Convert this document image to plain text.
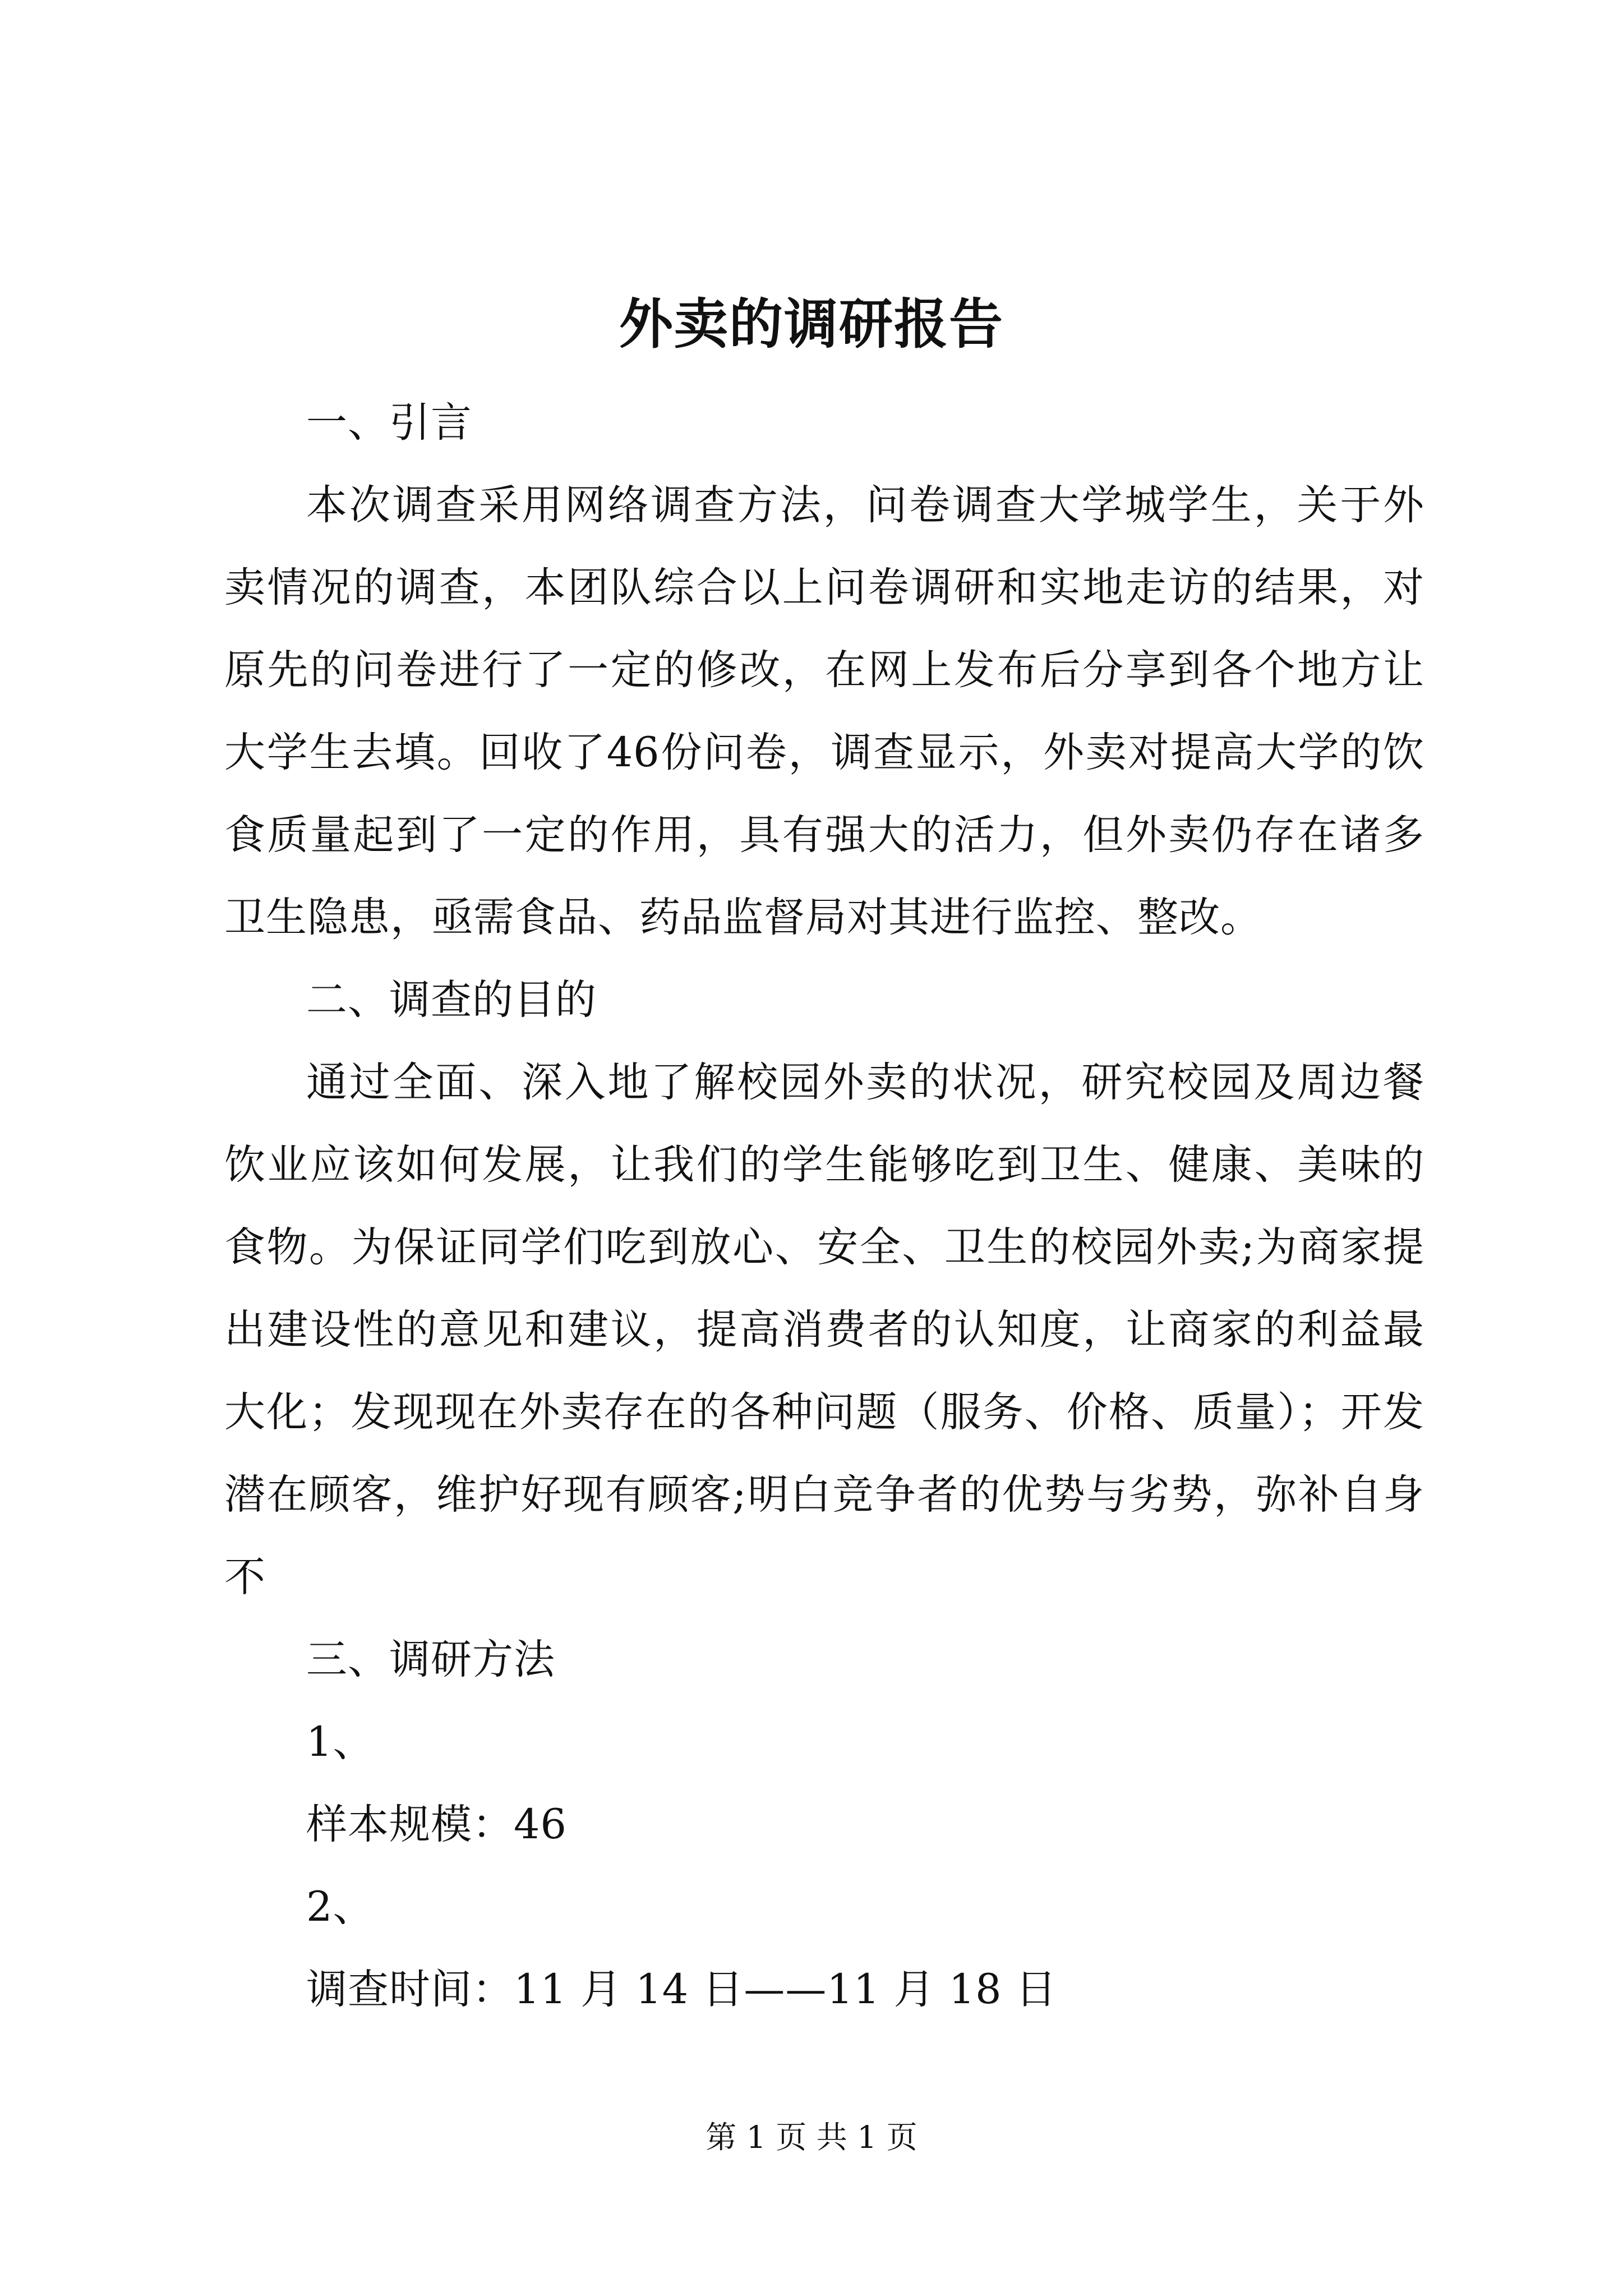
外卖的调研报告
一、引言

本次调查采用网络调查方法，问卷调查大学城学生，关于外卖情况的调查，本团队综合以上问卷调研和实地走访的结果，对原先的问卷进行了一定的修改，在网上发布后分享到各个地方让大学生去填。回收了46份问卷，调查显示，外卖对提高大学的饮食质量起到了一定的作用，具有强大的活力，但外卖仍存在诸多卫生隐患，亟需食品、药品监督局对其进行监控、整改。

二、调查的目的

通过全面、深入地了解校园外卖的状况，研究校园及周边餐饮业应该如何发展，让我们的学生能够吃到卫生、健康、美味的食物。为保证同学们吃到放心、安全、卫生的校园外卖;为商家提出建设性的意见和建议，提高消费者的认知度，让商家的利益最大化；发现现在外卖存在的各种问题（服务、价格、质量）；开发潜在顾客，维护好现有顾客;明白竞争者的优势与劣势，弥补自身不

三、调研方法
1、
样本规模：46
2、
调查时间：11 月 14 日——11 月 18 日
第 1 页 共 1 页
